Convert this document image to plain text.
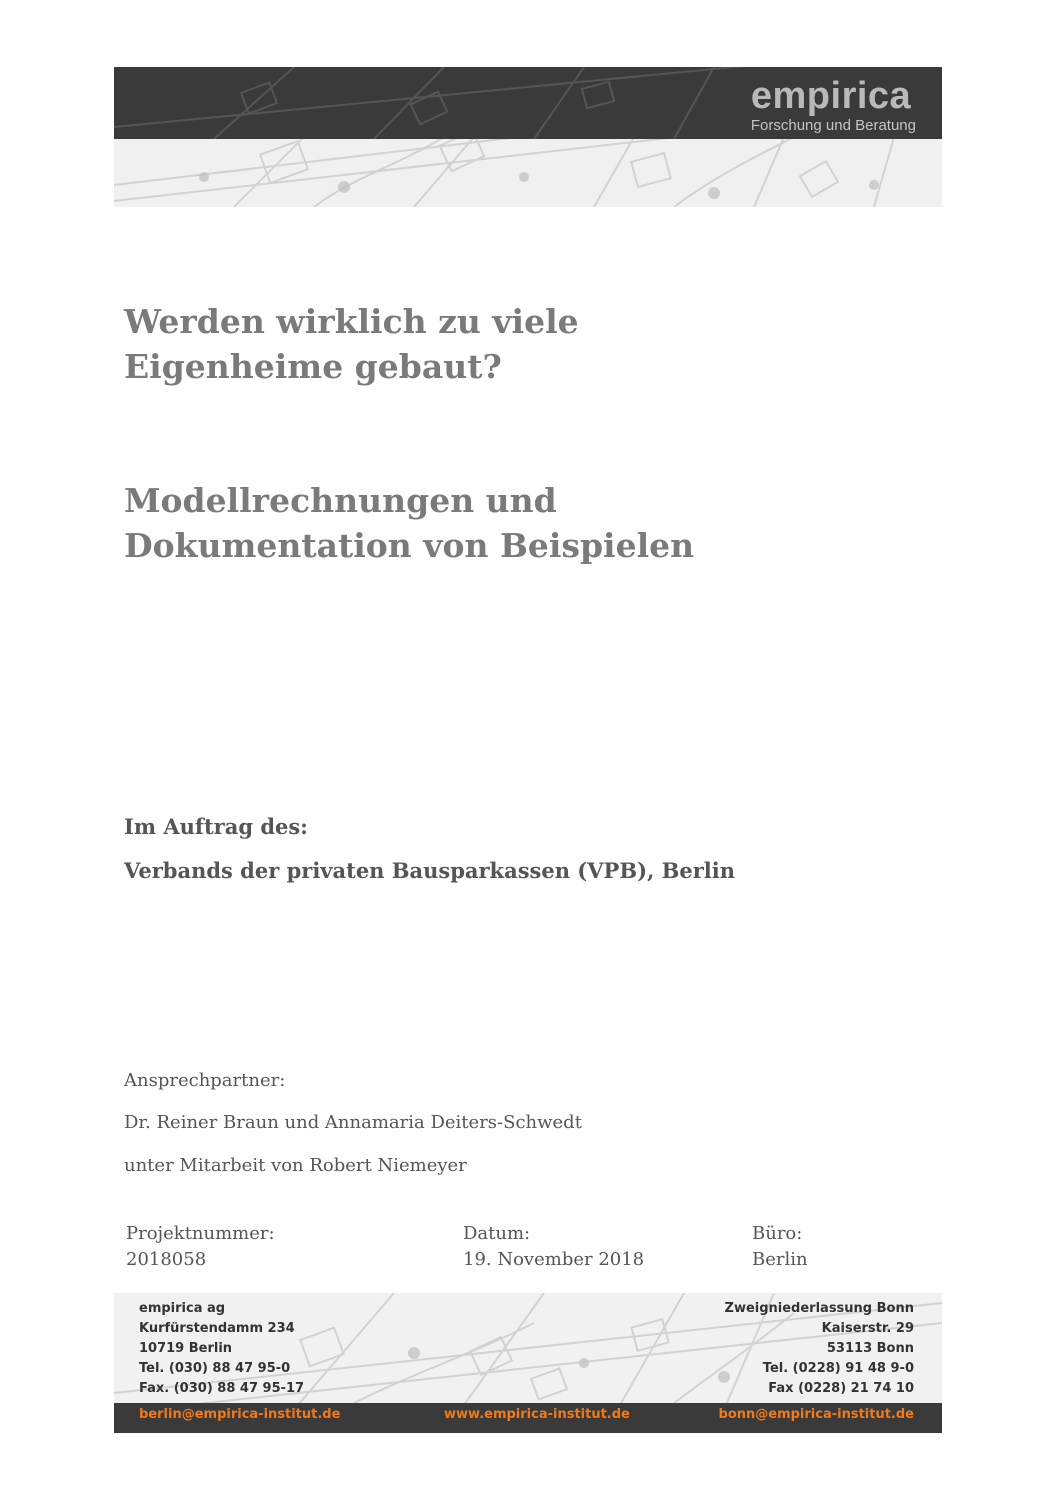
empirica
Forschung und Beratung
Werden wirklich zu viele
Eigenheime gebaut?
Modellrechnungen und
Dokumentation von Beispielen
Im Auftrag des:
Verbands der privaten Bausparkassen (VPB), Berlin
Ansprechpartner:
Dr. Reiner Braun und Annamaria Deiters-Schwedt
unter Mitarbeit von Robert Niemeyer
Projektnummer:
2018058
Datum:
19. November 2018
Büro:
Berlin
empirica ag
Kurfürstendamm 234
10719 Berlin
Tel. (030) 88 47 95-0
Fax. (030) 88 47 95-17
Zweigniederlassung Bonn
Kaiserstr. 29
53113 Bonn
Tel. (0228) 91 48 9-0
Fax (0228) 21 74 10
berlin@empirica-institut.de	www.empirica-institut.de	bonn@empirica-institut.de
